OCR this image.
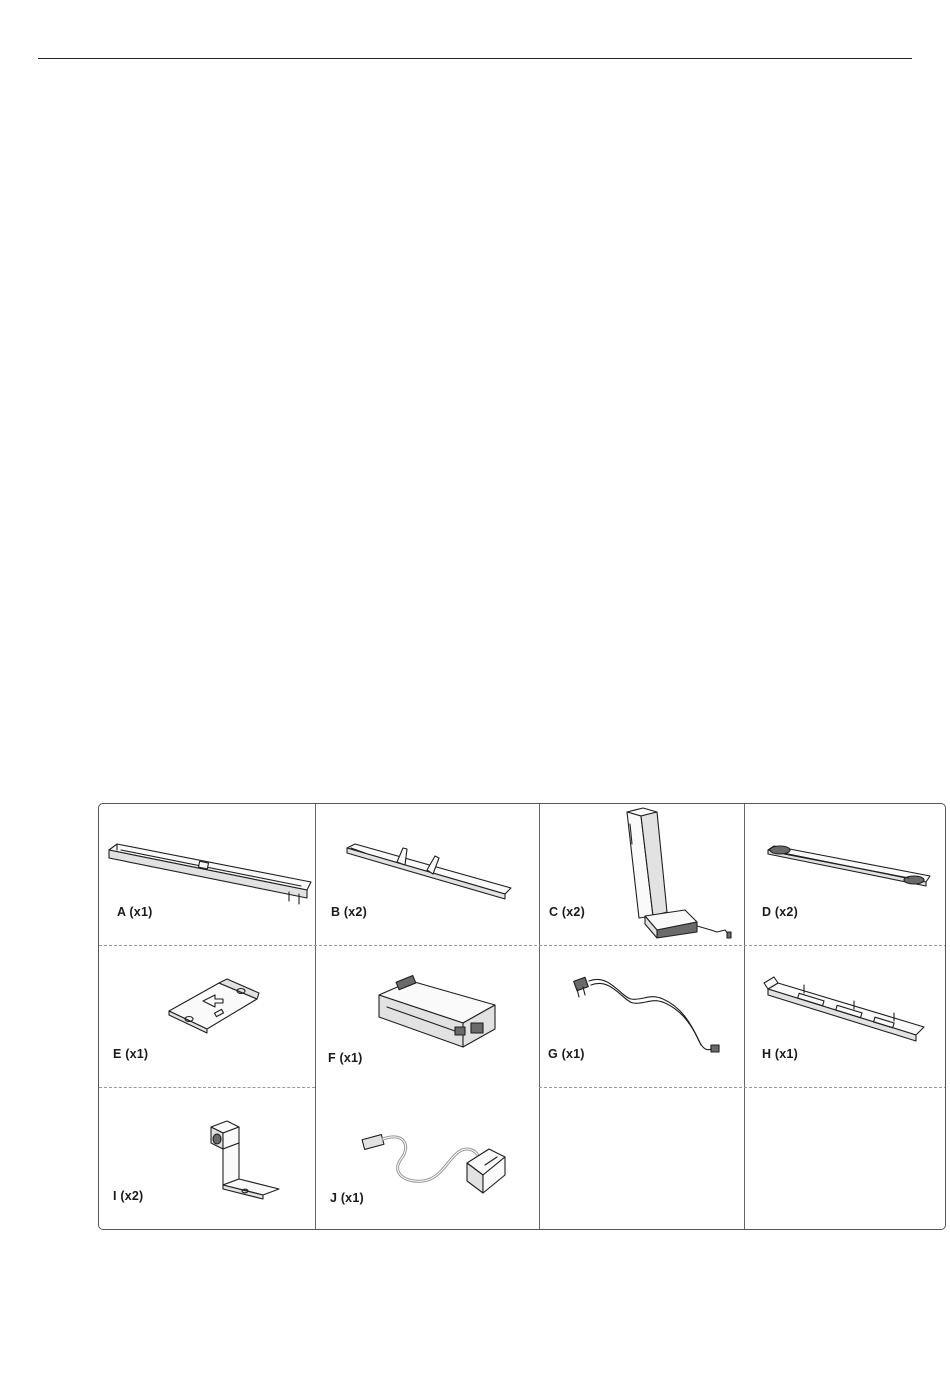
A (x1)	B (x2)	C (x2)	D (x2)
E (x1)	F (x1)	G (x1)	H (x1)
I (x2)	J (x1)
